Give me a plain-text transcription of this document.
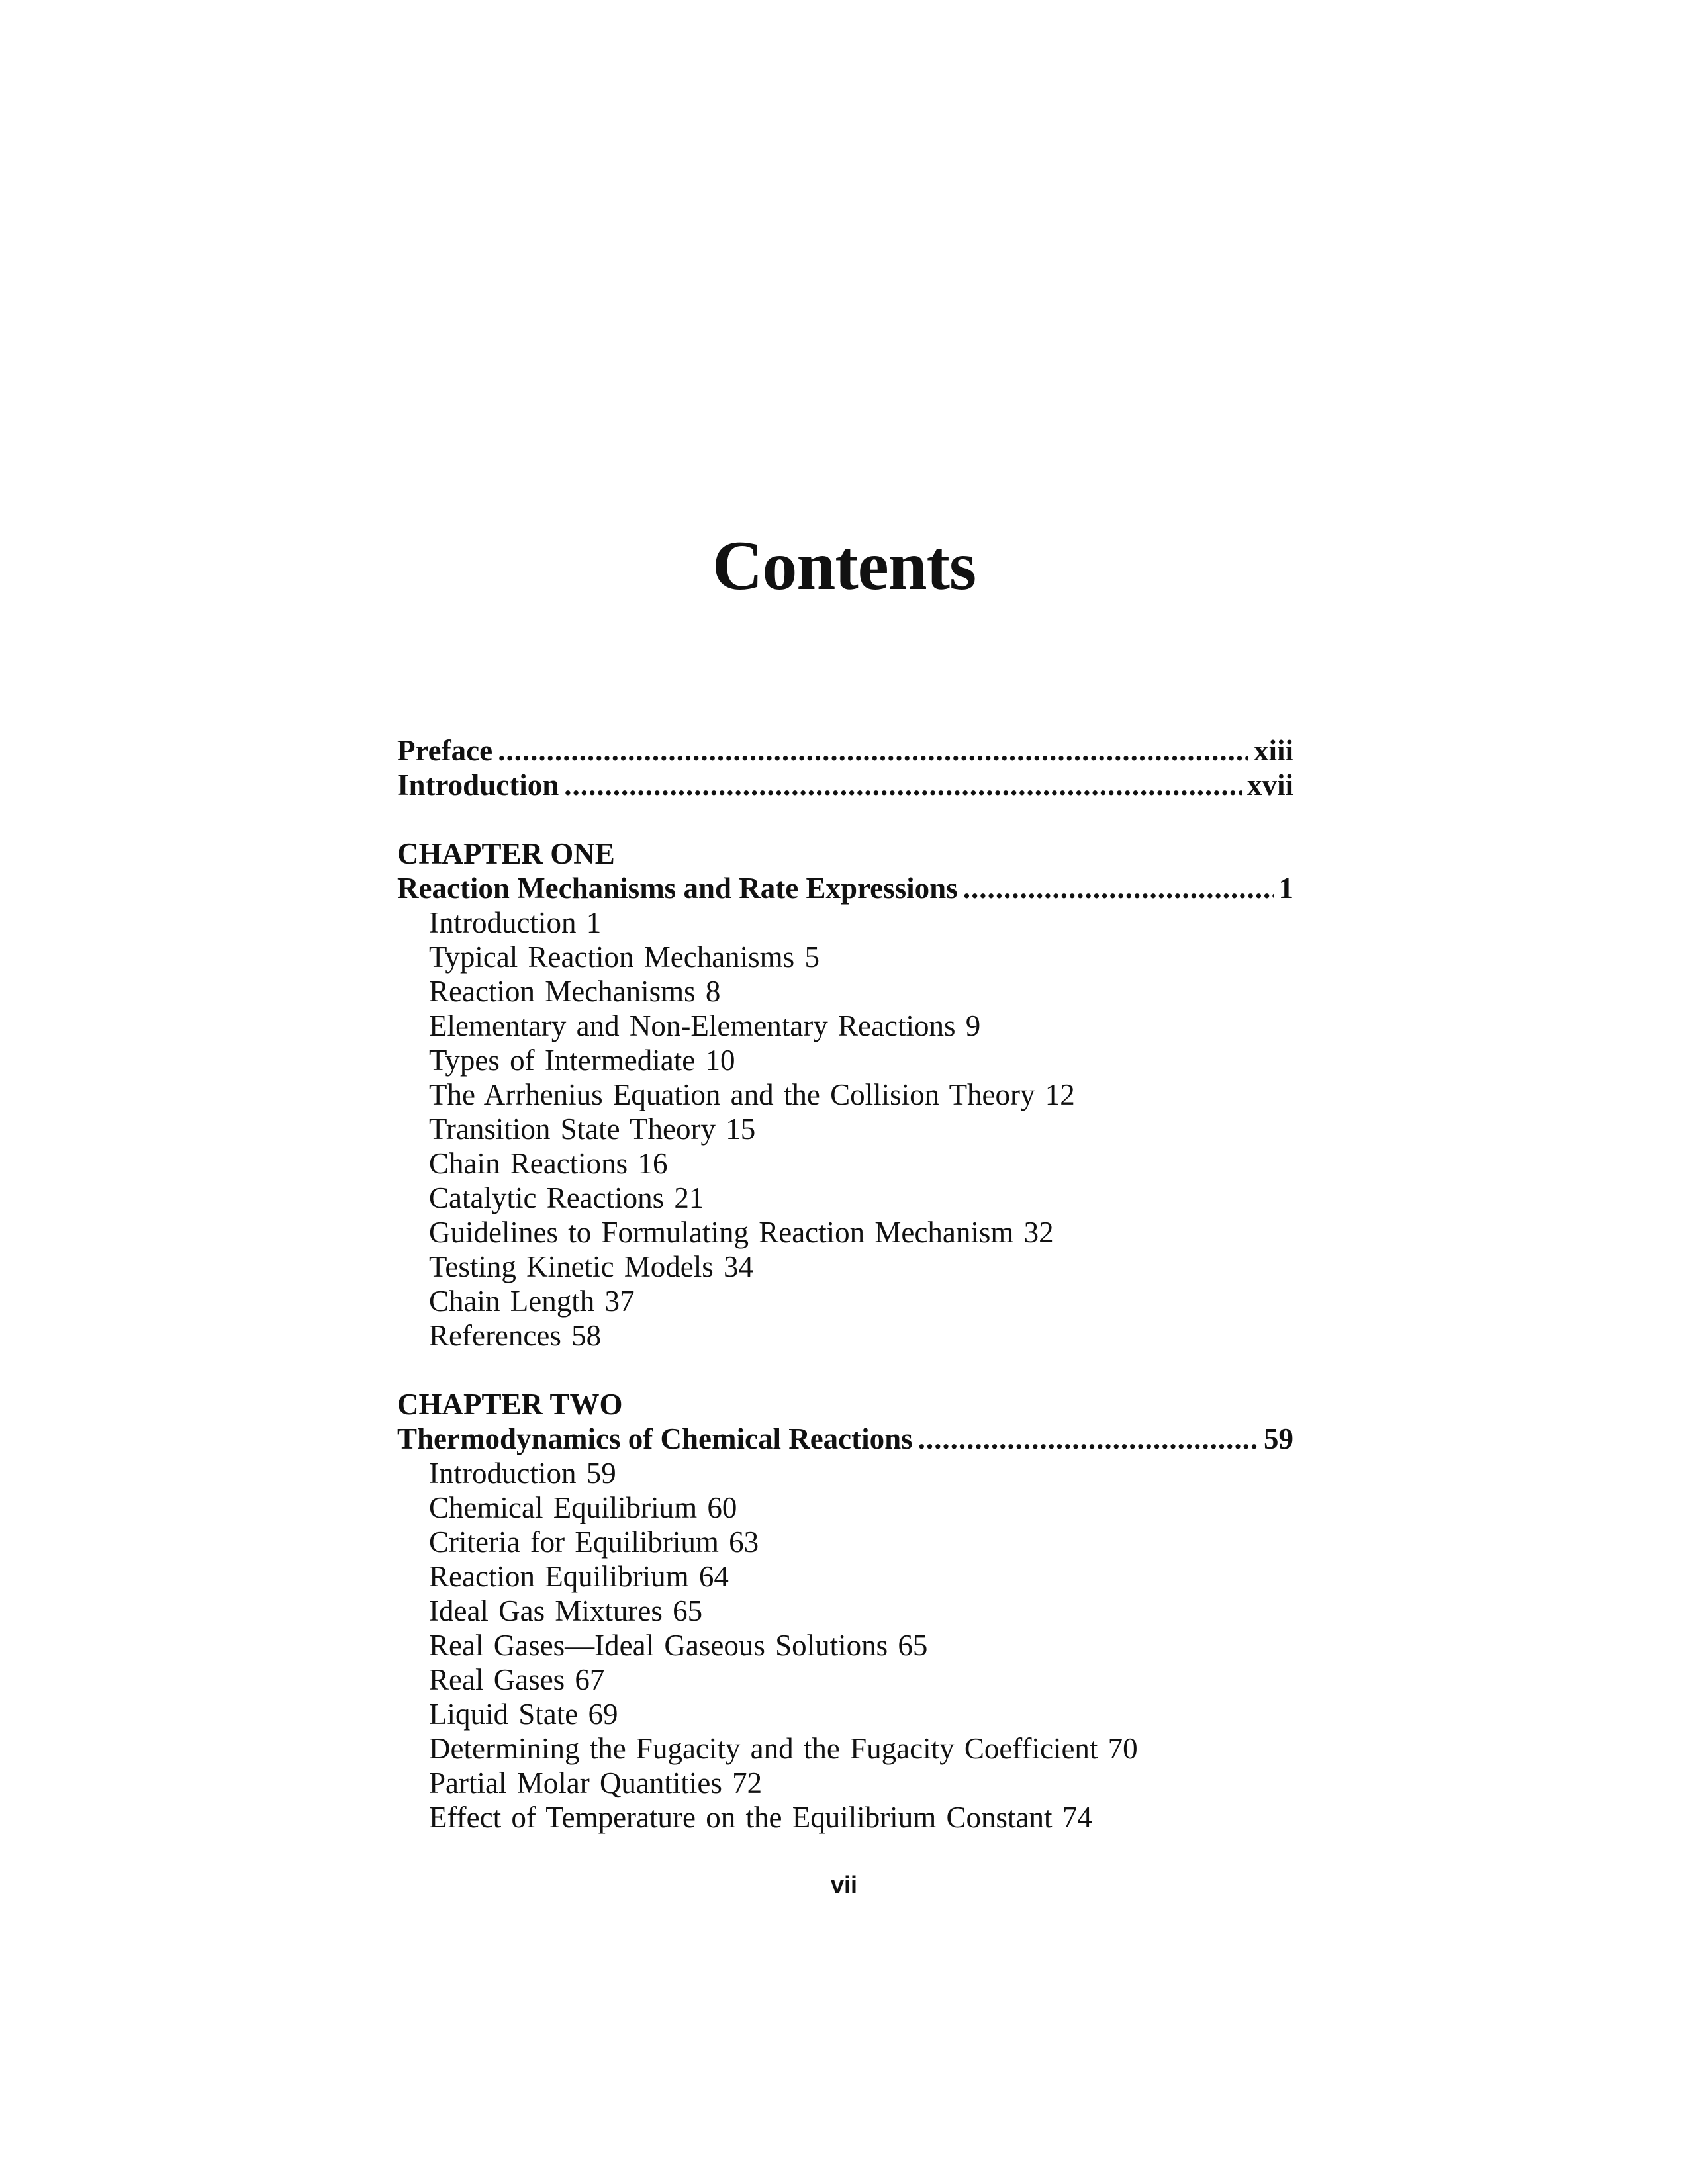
Contents
Preface .....	xiii
Introduction .....	xvii
CHAPTER ONE
Reaction Mechanisms and Rate Expressions .....	1
Introduction 1
Typical Reaction Mechanisms 5
Reaction Mechanisms 8
Elementary and Non-Elementary Reactions 9
Types of Intermediate 10
The Arrhenius Equation and the Collision Theory 12
Transition State Theory 15
Chain Reactions 16
Catalytic Reactions 21
Guidelines to Formulating Reaction Mechanism 32
Testing Kinetic Models 34
Chain Length 37
References 58
CHAPTER TWO
Thermodynamics of Chemical Reactions .....	59
Introduction 59
Chemical Equilibrium 60
Criteria for Equilibrium 63
Reaction Equilibrium 64
Ideal Gas Mixtures 65
Real Gases—Ideal Gaseous Solutions 65
Real Gases 67
Liquid State 69
Determining the Fugacity and the Fugacity Coefficient 70
Partial Molar Quantities 72
Effect of Temperature on the Equilibrium Constant 74
vii
